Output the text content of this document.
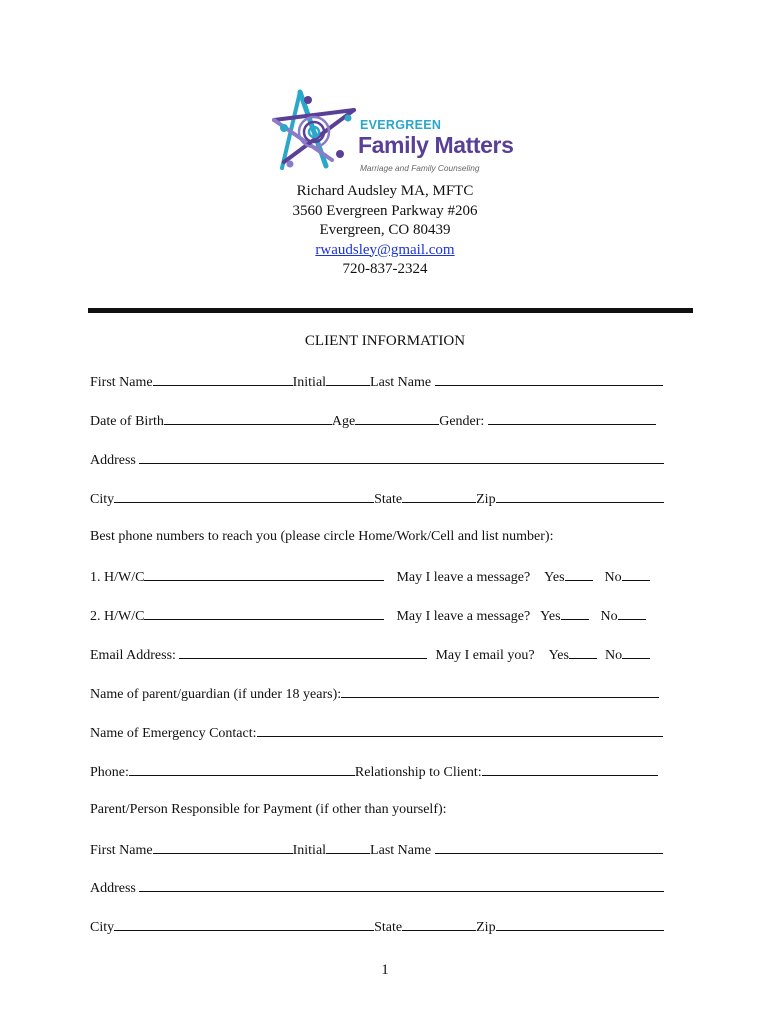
EVERGREEN
Family Matters
Marriage and Family Counseling
Richard Audsley MA, MFTC
3560 Evergreen Parkway #206
Evergreen, CO 80439
rwaudsley@gmail.com
720-837-2324
CLIENT INFORMATION
First Name	Initial	Last Name
Date of Birth	Age	Gender:
Address
City	State	Zip
Best phone numbers to reach you (please circle Home/Work/Cell and list number):
1. H/W/C	May I leave a message? Yes	No
2. H/W/C	May I leave a message? Yes	No
Email Address:	May I email you? Yes	No
Name of parent/guardian (if under 18 years):
Name of Emergency Contact:
Phone:	Relationship to Client:
Parent/Person Responsible for Payment (if other than yourself):
First Name	Initial	Last Name
Address
City	State	Zip
1
